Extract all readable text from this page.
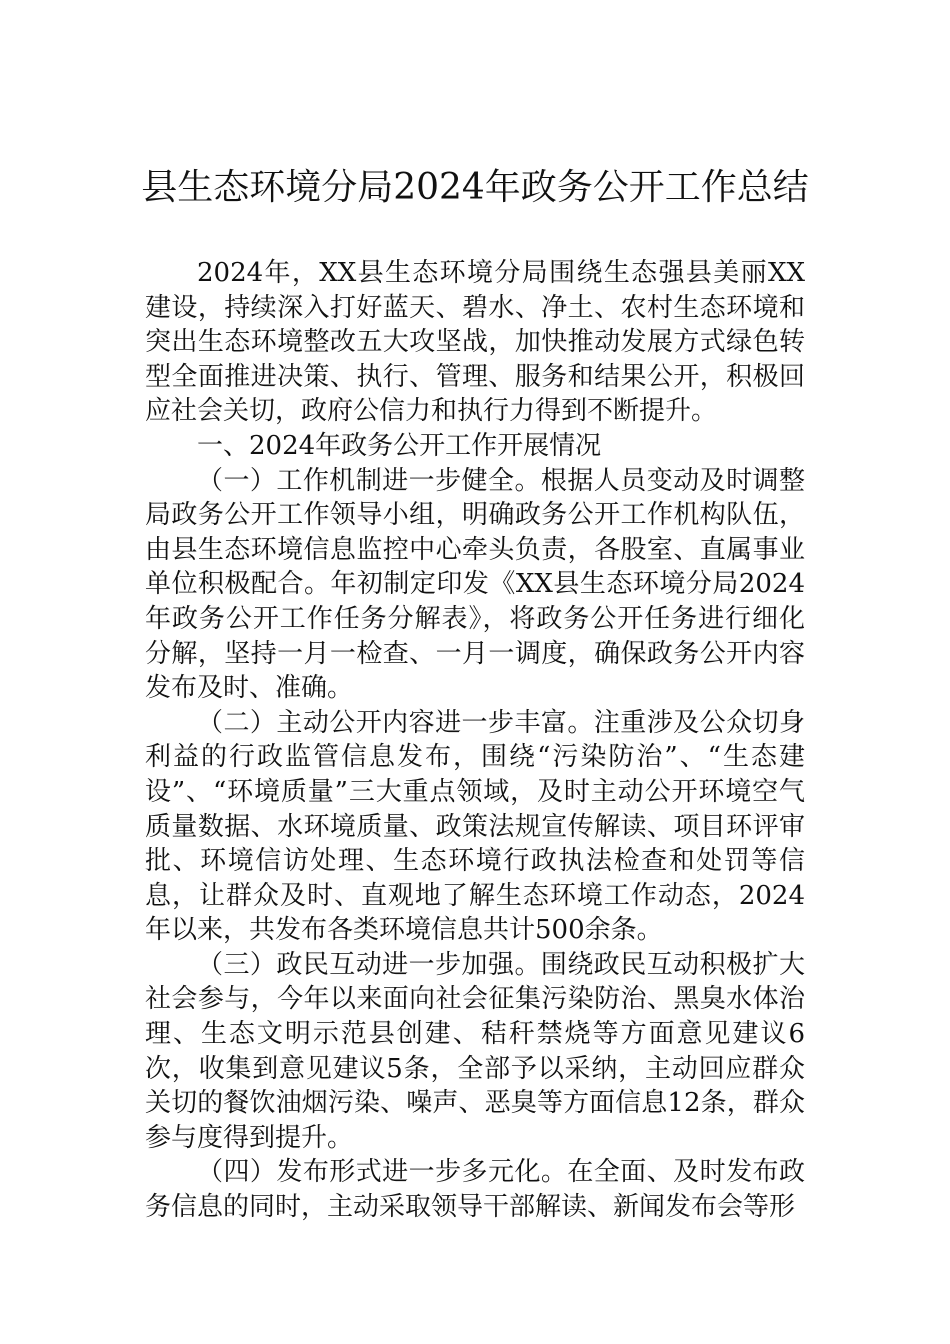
县生态环境分局2024年政务公开工作总结

2024年，XX县生态环境分局围绕生态强县美丽XX建设，持续深入打好蓝天、碧水、净土、农村生态环境和突出生态环境整改五大攻坚战，加快推动发展方式绿色转型全面推进决策、执行、管理、服务和结果公开，积极回应社会关切，政府公信力和执行力得到不断提升。

一、2024年政务公开工作开展情况

（一）工作机制进一步健全。根据人员变动及时调整局政务公开工作领导小组，明确政务公开工作机构队伍，由县生态环境信息监控中心牵头负责，各股室、直属事业单位积极配合。年初制定印发《XX县生态环境分局2024年政务公开工作任务分解表》，将政务公开任务进行细化分解，坚持一月一检查、一月一调度，确保政务公开内容发布及时、准确。

（二）主动公开内容进一步丰富。注重涉及公众切身利益的行政监管信息发布，围绕“污染防治”、“生态建设”、“环境质量”三大重点领域，及时主动公开环境空气质量数据、水环境质量、政策法规宣传解读、项目环评审批、环境信访处理、生态环境行政执法检查和处罚等信息，让群众及时、直观地了解生态环境工作动态，2024年以来，共发布各类环境信息共计500余条。

（三）政民互动进一步加强。围绕政民互动积极扩大社会参与，今年以来面向社会征集污染防治、黑臭水体治理、生态文明示范县创建、秸秆禁烧等方面意见建议6次，收集到意见建议5条，全部予以采纳，主动回应群众关切的餐饮油烟污染、噪声、恶臭等方面信息12条，群众参与度得到提升。

（四）发布形式进一步多元化。在全面、及时发布政务信息的同时，主动采取领导干部解读、新闻发布会等形
